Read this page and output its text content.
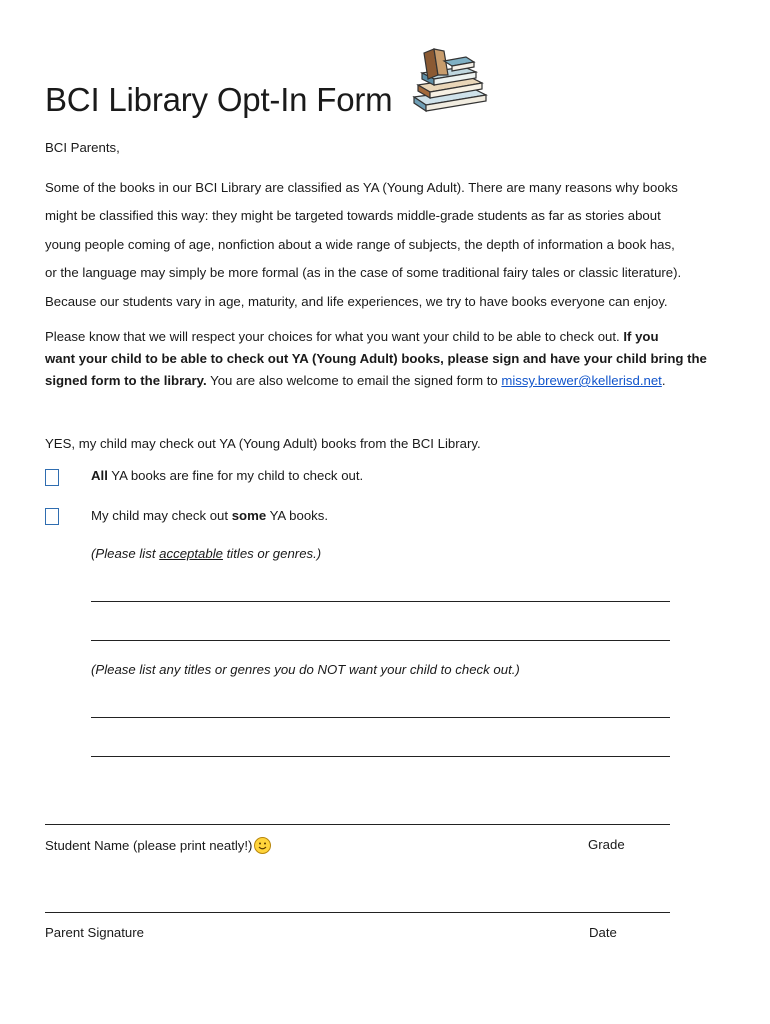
BCI Library Opt-In Form
BCI Parents,
Some of the books in our BCI Library are classified as YA (Young Adult). There are many reasons why books
might be classified this way: they might be targeted towards middle-grade students as far as stories about
young people coming of age, nonfiction about a wide range of subjects, the depth of information a book has,
or the language may simply be more formal (as in the case of some traditional fairy tales or classic literature).
Because our students vary in age, maturity, and life experiences, we try to have books everyone can enjoy.
Please know that we will respect your choices for what you want your child to be able to check out. If you
want your child to be able to check out YA (Young Adult) books, please sign and have your child bring the
signed form to the library. You are also welcome to email the signed form to missy.brewer@kellerisd.net.
YES, my child may check out YA (Young Adult) books from the BCI Library.
All YA books are fine for my child to check out.
My child may check out some YA books.
(Please list acceptable titles or genres.)
(Please list any titles or genres you do NOT want your child to check out.)
Student Name (please print neatly!)	Grade
Parent Signature	Date
